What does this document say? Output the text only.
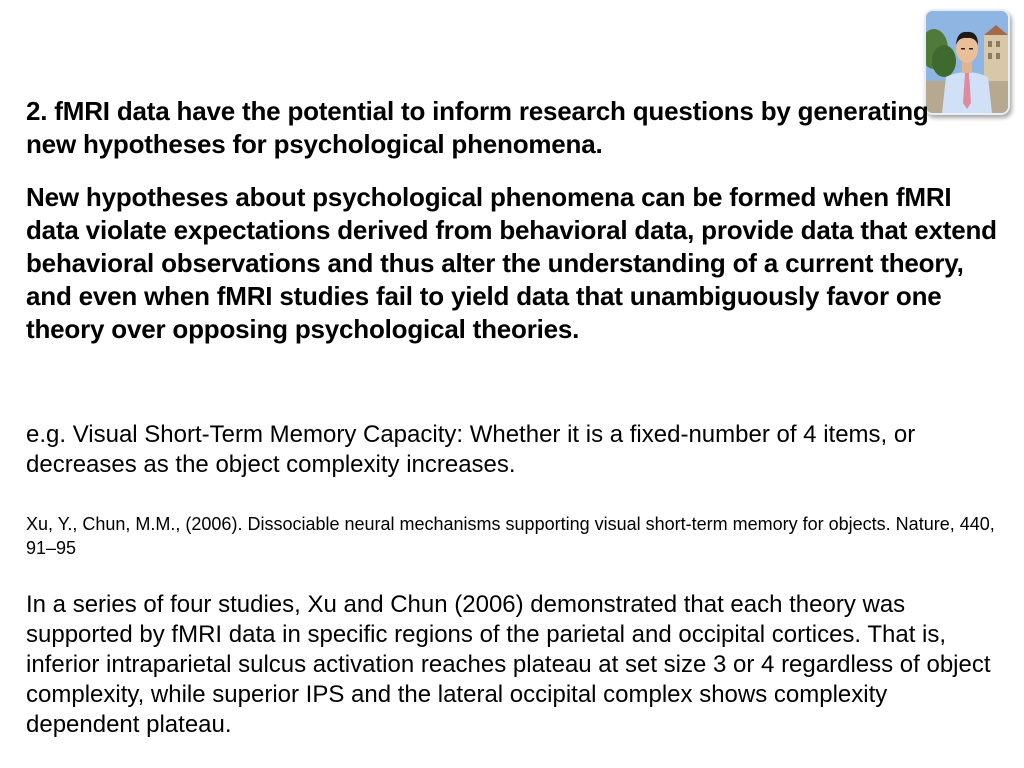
2. fMRI data have the potential to inform research questions by generating new hypotheses for psychological phenomena.

New hypotheses about psychological phenomena can be formed when fMRI data violate expectations derived from behavioral data, provide data that extend behavioral observations and thus alter the understanding of a current theory, and even when fMRI studies fail to yield data that unambiguously favor one theory over opposing psychological theories.

e.g. Visual Short-Term Memory Capacity: Whether it is a fixed-number of 4 items, or decreases as the object complexity increases.

Xu, Y., Chun, M.M., (2006). Dissociable neural mechanisms supporting visual short-term memory for objects. Nature, 440, 91–95

In a series of four studies, Xu and Chun (2006) demonstrated that each theory was supported by fMRI data in specific regions of the parietal and occipital cortices. That is, inferior intraparietal sulcus activation reaches plateau at set size 3 or 4 regardless of object complexity, while superior IPS and the lateral occipital complex shows complexity dependent plateau.
